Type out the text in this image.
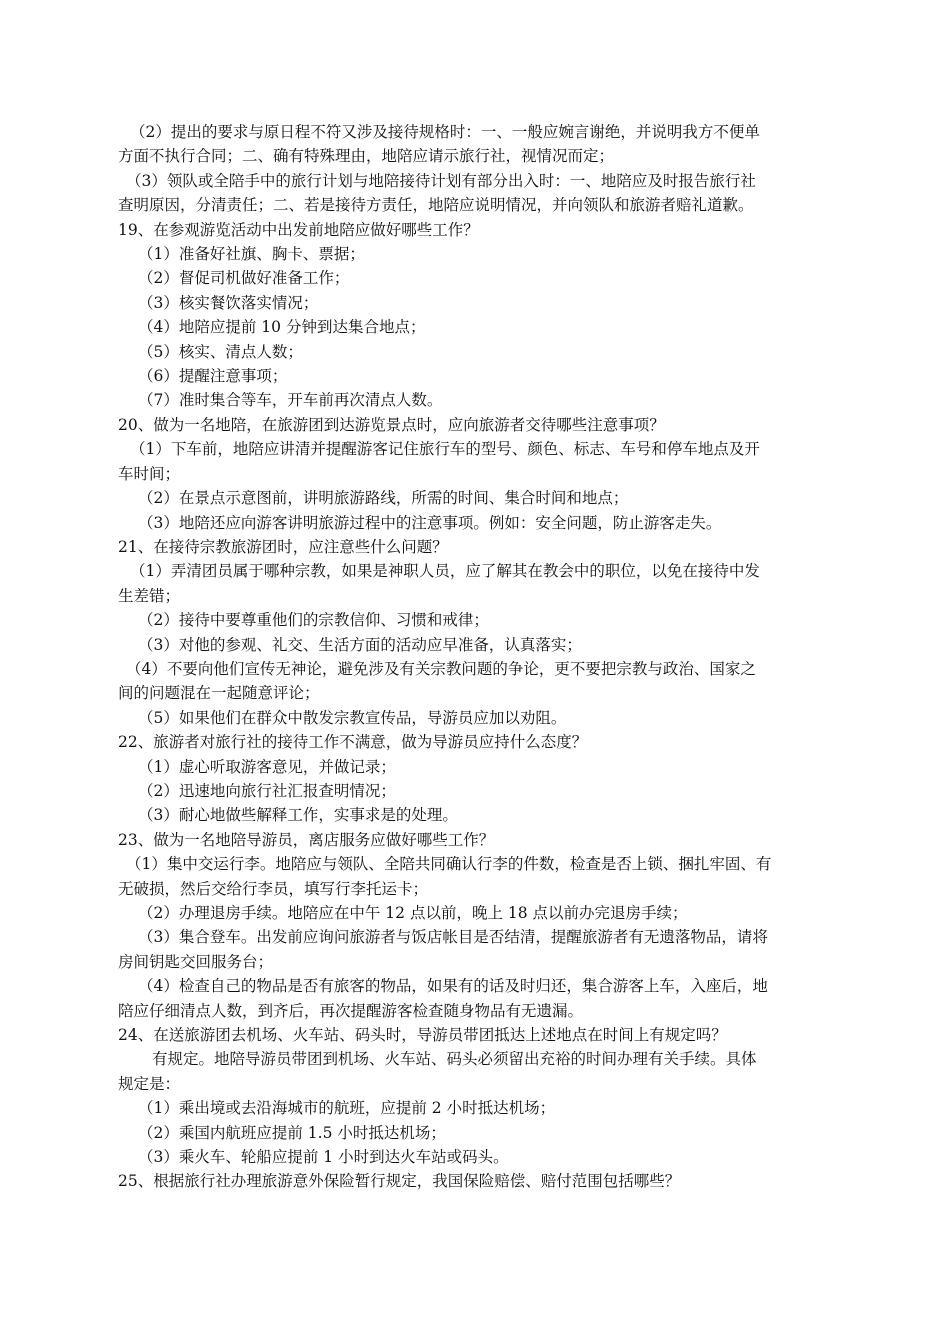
（2）提出的要求与原日程不符又涉及接待规格时：一、一般应婉言谢绝，并说明我方不便单
方面不执行合同；二、确有特殊理由，地陪应请示旅行社，视情况而定；
（3）领队或全陪手中的旅行计划与地陪接待计划有部分出入时：一、地陪应及时报告旅行社
查明原因，分清责任；二、若是接待方责任，地陪应说明情况，并向领队和旅游者赔礼道歉。
19、在参观游览活动中出发前地陪应做好哪些工作？
（1）准备好社旗、胸卡、票据；
（2）督促司机做好准备工作；
（3）核实餐饮落实情况；
（4）地陪应提前 10 分钟到达集合地点；
（5）核实、清点人数；
（6）提醒注意事项；
（7）准时集合等车，开车前再次清点人数。
20、做为一名地陪，在旅游团到达游览景点时，应向旅游者交待哪些注意事项？
（1）下车前，地陪应讲清并提醒游客记住旅行车的型号、颜色、标志、车号和停车地点及开
车时间；
（2）在景点示意图前，讲明旅游路线，所需的时间、集合时间和地点；
（3）地陪还应向游客讲明旅游过程中的注意事项。例如：安全问题，防止游客走失。
21、在接待宗教旅游团时，应注意些什么问题？
（1）弄清团员属于哪种宗教，如果是神职人员，应了解其在教会中的职位，以免在接待中发
生差错；
（2）接待中要尊重他们的宗教信仰、习惯和戒律；
（3）对他的参观、礼交、生活方面的活动应早准备，认真落实；
（4）不要向他们宣传无神论，避免涉及有关宗教问题的争论，更不要把宗教与政治、国家之
间的问题混在一起随意评论；
（5）如果他们在群众中散发宗教宣传品，导游员应加以劝阻。
22、旅游者对旅行社的接待工作不满意，做为导游员应持什么态度？
（1）虚心听取游客意见，并做记录；
（2）迅速地向旅行社汇报查明情况；
（3）耐心地做些解释工作，实事求是的处理。
23、做为一名地陪导游员，离店服务应做好哪些工作？
（1）集中交运行李。地陪应与领队、全陪共同确认行李的件数，检查是否上锁、捆扎牢固、有
无破损，然后交给行李员，填写行李托运卡；
（2）办理退房手续。地陪应在中午 12 点以前，晚上 18 点以前办完退房手续；
（3）集合登车。出发前应询问旅游者与饭店帐目是否结清，提醒旅游者有无遗落物品，请将
房间钥匙交回服务台；
（4）检查自己的物品是否有旅客的物品，如果有的话及时归还，集合游客上车，入座后，地
陪应仔细清点人数，到齐后，再次提醒游客检查随身物品有无遗漏。
24、在送旅游团去机场、火车站、码头时，导游员带团抵达上述地点在时间上有规定吗？
有规定。地陪导游员带团到机场、火车站、码头必须留出充裕的时间办理有关手续。具体
规定是：
（1）乘出境或去沿海城市的航班，应提前 2 小时抵达机场；
（2）乘国内航班应提前 1.5 小时抵达机场；
（3）乘火车、轮船应提前 1 小时到达火车站或码头。
25、根据旅行社办理旅游意外保险暂行规定，我国保险赔偿、赔付范围包括哪些？
